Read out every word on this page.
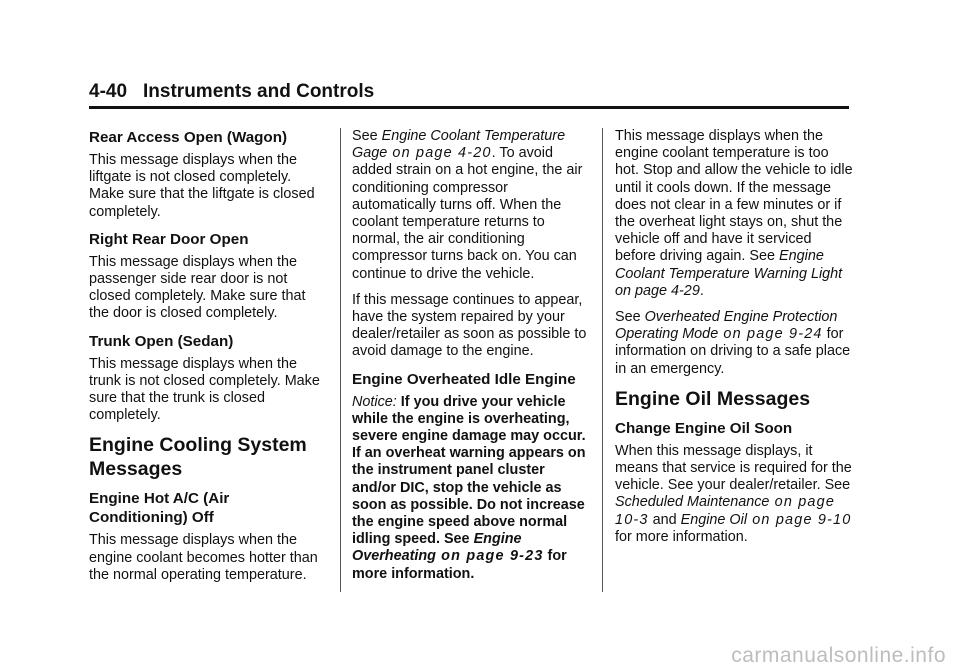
4-40 Instruments and Controls
Rear Access Open (Wagon)

This message displays when the liftgate is not closed completely. Make sure that the liftgate is closed completely.

Right Rear Door Open

This message displays when the passenger side rear door is not closed completely. Make sure that the door is closed completely.

Trunk Open (Sedan)

This message displays when the trunk is not closed completely. Make sure that the trunk is closed completely.

Engine Cooling System Messages
Engine Hot A/C (Air Conditioning) Off

This message displays when the engine coolant becomes hotter than the normal operating temperature.

See Engine Coolant Temperature Gage on page 4-20. To avoid added strain on a hot engine, the air conditioning compressor automatically turns off. When the coolant temperature returns to normal, the air conditioning compressor turns back on. You can continue to drive the vehicle.

If this message continues to appear, have the system repaired by your dealer/retailer as soon as possible to avoid damage to the engine.

Engine Overheated Idle Engine

Notice: If you drive your vehicle while the engine is overheating, severe engine damage may occur. If an overheat warning appears on the instrument panel cluster and/or DIC, stop the vehicle as soon as possible. Do not increase the engine speed above normal idling speed. See Engine Overheating on page 9-23 for more information.

This message displays when the engine coolant temperature is too hot. Stop and allow the vehicle to idle until it cools down. If the message does not clear in a few minutes or if the overheat light stays on, shut the vehicle off and have it serviced before driving again. See Engine Coolant Temperature Warning Light on page 4-29.

See Overheated Engine Protection Operating Mode on page 9-24 for information on driving to a safe place in an emergency.

Engine Oil Messages
Change Engine Oil Soon

When this message displays, it means that service is required for the vehicle. See your dealer/retailer. See Scheduled Maintenance on page 10-3 and Engine Oil on page 9-10 for more information.

carmanualsonline.info
